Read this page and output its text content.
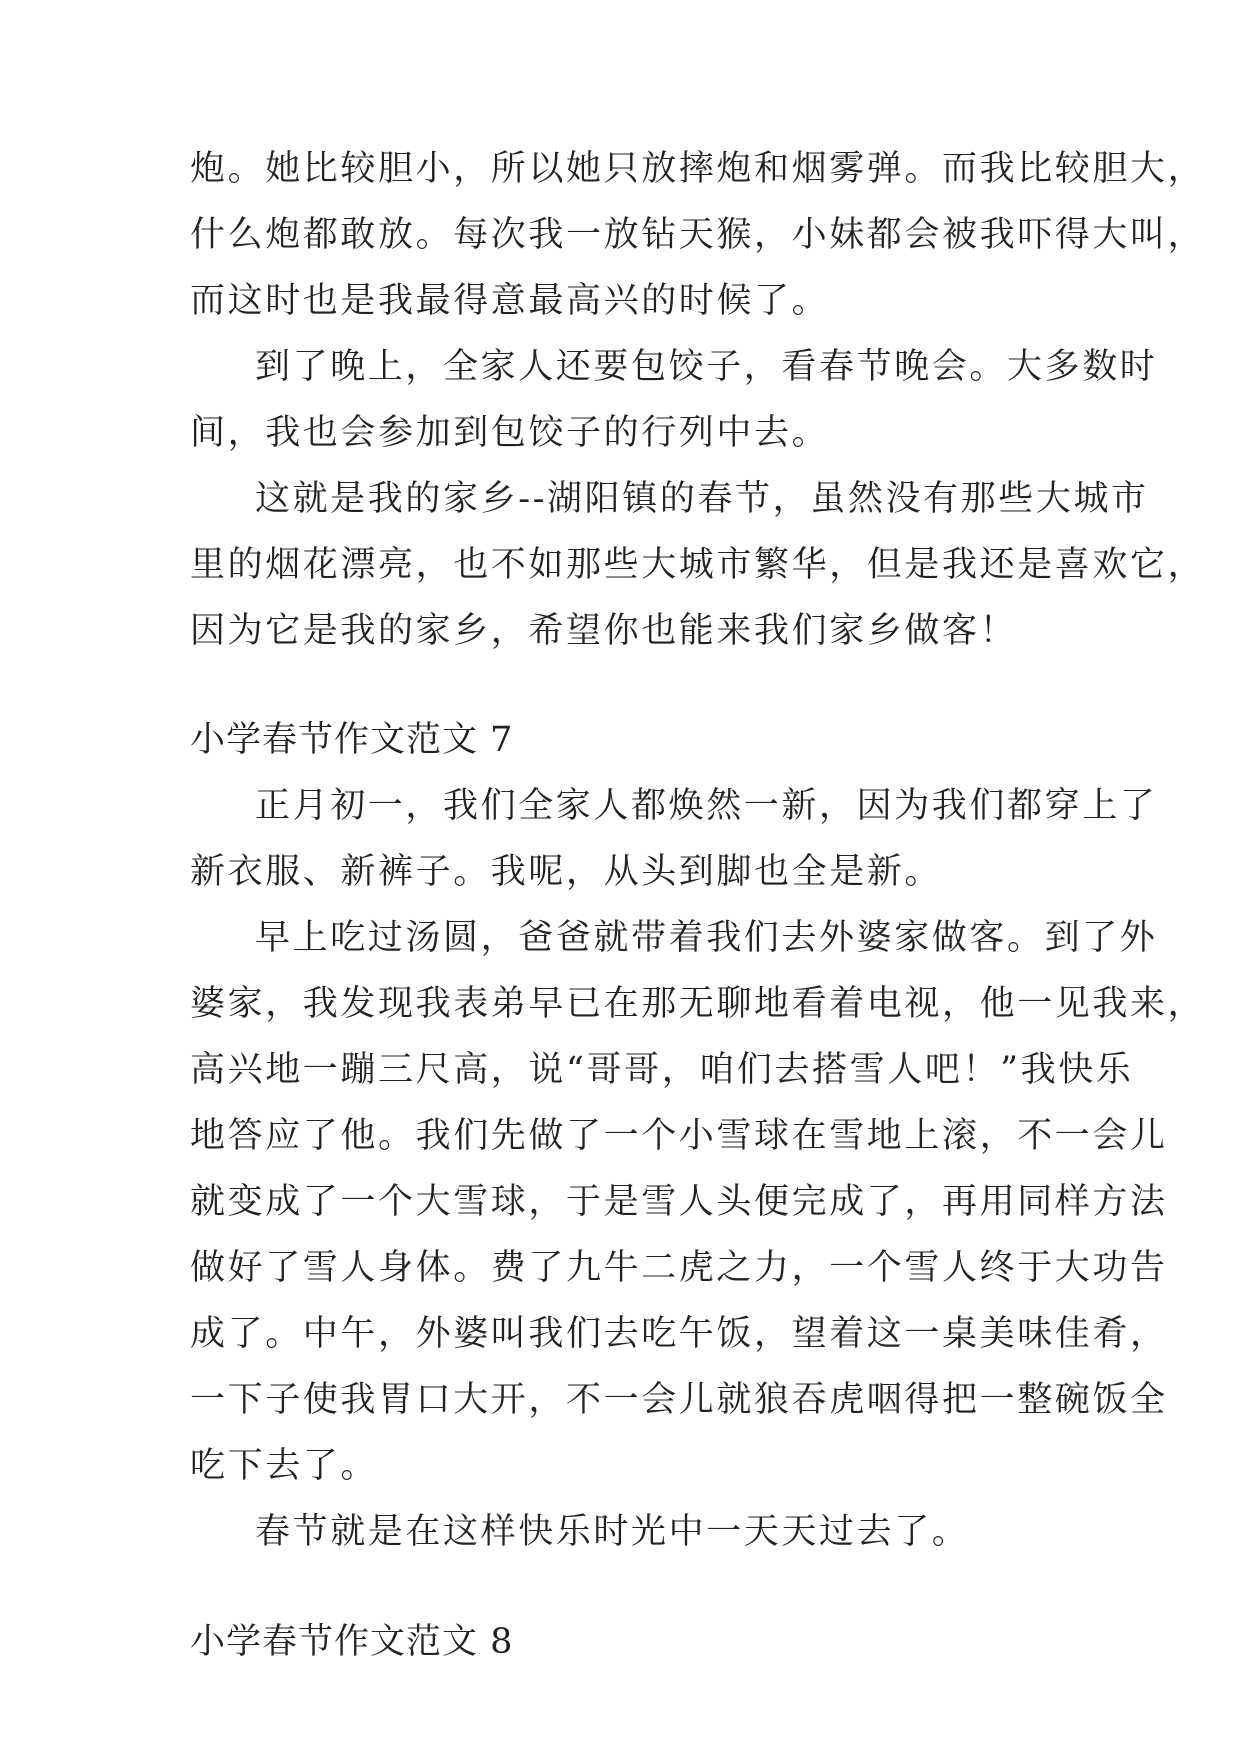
炮。她比较胆小，所以她只放摔炮和烟雾弹。而我比较胆大，
什么炮都敢放。每次我一放钻天猴，小妹都会被我吓得大叫，
而这时也是我最得意最高兴的时候了。
到了晚上，全家人还要包饺子，看春节晚会。大多数时
间，我也会参加到包饺子的行列中去。
这就是我的家乡--湖阳镇的春节，虽然没有那些大城市
里的烟花漂亮，也不如那些大城市繁华，但是我还是喜欢它，
因为它是我的家乡，希望你也能来我们家乡做客！
小学春节作文范文 7
正月初一，我们全家人都焕然一新，因为我们都穿上了
新衣服、新裤子。我呢，从头到脚也全是新。
早上吃过汤圆，爸爸就带着我们去外婆家做客。到了外
婆家，我发现我表弟早已在那无聊地看着电视，他一见我来，
高兴地一蹦三尺高，说“哥哥，咱们去搭雪人吧！”我快乐
地答应了他。我们先做了一个小雪球在雪地上滚，不一会儿
就变成了一个大雪球，于是雪人头便完成了，再用同样方法
做好了雪人身体。费了九牛二虎之力，一个雪人终于大功告
成了。中午，外婆叫我们去吃午饭，望着这一桌美味佳肴，
一下子使我胃口大开，不一会儿就狼吞虎咽得把一整碗饭全
吃下去了。
春节就是在这样快乐时光中一天天过去了。
小学春节作文范文 8
